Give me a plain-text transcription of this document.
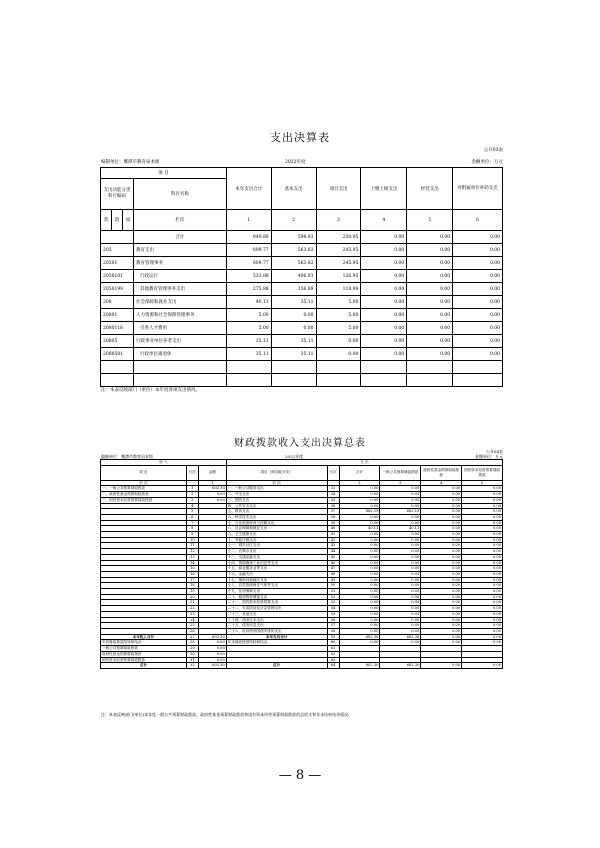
支出决算表
公开03表
编制单位：鹰潭市教育局本级	2022年度	金额单位：万元
项 目				本年支出合计	基本支出	项目支出	上缴上级支出	经营支出	对附属单位补助支出
支出功能分类科目编码			科目名称						
类	款	项							
			栏次	1	2	3	4	5	6
			合计	849.88	598.93	250.95	0.00	0.00	0.00
205			教育支出	809.77	563.82	245.95	0.00	0.00	0.00
20501			教育管理事务	809.77	563.82	245.95	0.00	0.00	0.00
2050101			行政运行	533.88	406.93	126.95	0.00	0.00	0.00
2050199			其他教育管理事务支出	275.88	156.89	118.99	0.00	0.00	0.00
208			社会保障和就业支出	40.11	35.11	5.00	0.00	0.00	0.00
20801			人力资源和社会保障管理事务	5.00	0.00	5.00	0.00	0.00	0.00
2080116			引进人才费用	5.00	0.00	5.00	0.00	0.00	0.00
20805			行政事业单位养老支出	35.11	35.11	0.00	0.00	0.00	0.00
2080501			行政单位离退休	35.11	35.11	0.00	0.00	0.00	0.00

注：本表反映部门（单位）本年度各项支出情况。
财政拨款收入支出决算总表
公开04表
编制单位：鹰潭市教育局本级	2022年度	金额单位：万元
收 入			支 出					
项 目	行次	金额	项目（按功能分类）	行次	合计	一般公共预算财政拨款	政府性基金预算财政拨款	国有资本经营预算财政拨款
栏 次		1	栏 次		2	3	4	5
一、一般公共预算财政拨款	1	602.30	一、一般公共服务支出	33	0.00	0.00	0.00	0.00
二、政府性基金预算财政拨款	2	0.00	二、外交支出	34	0.00	0.00	0.00	0.00
三、国有资本经营预算财政拨款	3	0.00	三、国防支出	35	0.00	0.00	0.00	0.00
	4		四、公共安全支出	36	0.00	0.00	0.00	0.00
	5		五、教育支出	37	682.19	682.19	0.00	0.00
	6		六、科学技术支出	38	0.00	0.00	0.00	0.00
	7		七、文化旅游体育与传媒支出	39	0.00	0.00	0.00	0.00
	8		八、社会保障和就业支出	40	40.11	40.11	0.00	0.00
	9		九、卫生健康支出	41	0.00	0.00	0.00	0.00
	10		十、节能环保支出	42	0.00	0.00	0.00	0.00
	11		十一、城乡社区支出	43	0.00	0.00	0.00	0.00
	12		十二、农林水支出	44	0.00	0.00	0.00	0.00
	13		十三、交通运输支出	45	0.00	0.00	0.00	0.00
	14		十四、资源勘探工业信息等支出	46	0.00	0.00	0.00	0.00
	15		十五、商业服务业等支出	47	0.00	0.00	0.00	0.00
	16		十六、金融支出	48	0.00	0.00	0.00	0.00
	17		十七、援助其他地区支出	49	0.00	0.00	0.00	0.00
	18		十八、自然资源海洋气象等支出	50	0.00	0.00	0.00	0.00
	19		十九、住房保障支出	51	0.00	0.00	0.00	0.00
	20		二十、粮油物资储备支出	52	0.00	0.00	0.00	0.00
	21		二十一、国有资本经营预算支出	53	0.00	0.00	0.00	0.00
	22		二十二、灾害防治及应急管理支出	54	0.00	0.00	0.00	0.00
	23		二十三、其他支出	55	0.00	0.00	0.00	0.00
	24		二十四、债务还本支出	56	0.00	0.00	0.00	0.00
	25		二十五、债务付息支出	57	0.00	0.00	0.00	0.00
	26		二十六、抗疫特别国债安排的支出	58	0.00	0.00	0.00	0.00
本年收入合计	27	602.30	本年支出合计	59	682.30	682.30	0.00	0.00
年初财政拨款结转和结余	28	0.00	年末财政拨款结转和结余	60	0.00	0.00	0.00	0.00
一般公共预算财政拨款	29	0.00		61				
政府性基金预算财政拨款	30	0.00		62				
国有资本经营预算财政拨款	31	0.00		63				
总计	32	602.30	总计	64	682.30	682.30	0.00	0.00
注：本表反映部门(单位)本年度一般公共预算财政拨款、政府性基金预算财政拨款和国有资本经营预算财政拨款的总收支和年末结转结余情况。
— 8 —
